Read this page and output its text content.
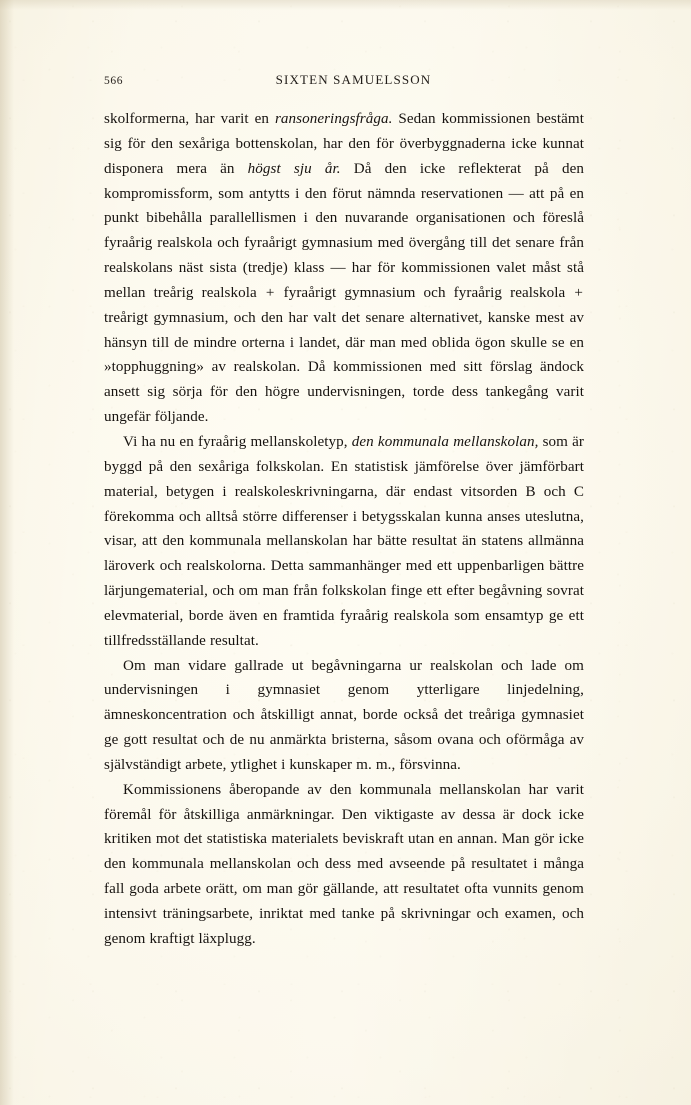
566	SIXTEN SAMUELSSON

skolformerna, har varit en ransoneringsfråga. Sedan kommissionen bestämt sig för den sexåriga bottenskolan, har den för överbyggnaderna icke kunnat disponera mera än högst sju år. Då den icke reflekterat på den kompromissform, som antytts i den förut nämnda reservationen — att på en punkt bibehålla parallellismen i den nuvarande organisationen och föreslå fyraårig realskola och fyraårigt gymnasium med övergång till det senare från realskolans näst sista (tredje) klass — har för kommissionen valet måst stå mellan treårig realskola + fyraårigt gymnasium och fyraårig realskola + treårigt gymnasium, och den har valt det senare alternativet, kanske mest av hänsyn till de mindre orterna i landet, där man med oblida ögon skulle se en »topphuggning» av realskolan. Då kommissionen med sitt förslag ändock ansett sig sörja för den högre undervisningen, torde dess tankegång varit ungefär följande.

Vi ha nu en fyraårig mellanskoletyp, den kommunala mellanskolan, som är byggd på den sexåriga folkskolan. En statistisk jämförelse över jämförbart material, betygen i realskoleskrivningarna, där endast vitsorden B och C förekomma och alltså större differenser i betygsskalan kunna anses uteslutna, visar, att den kommunala mellanskolan har bätte resultat än statens allmänna läroverk och realskolorna. Detta sammanhänger med ett uppenbarligen bättre lärjungematerial, och om man från folkskolan finge ett efter begåvning sovrat elevmaterial, borde även en framtida fyraårig realskola som ensamtyp ge ett tillfredsställande resultat.

Om man vidare gallrade ut begåvningarna ur realskolan och lade om undervisningen i gymnasiet genom ytterligare linjedelning, ämneskoncentration och åtskilligt annat, borde också det treåriga gymnasiet ge gott resultat och de nu anmärkta bristerna, såsom ovana och oförmåga av självständigt arbete, ytlighet i kunskaper m. m., försvinna.

Kommissionens åberopande av den kommunala mellanskolan har varit föremål för åtskilliga anmärkningar. Den viktigaste av dessa är dock icke kritiken mot det statistiska materialets beviskraft utan en annan. Man gör icke den kommunala mellanskolan och dess med avseende på resultatet i många fall goda arbete orätt, om man gör gällande, att resultatet ofta vunnits genom intensivt träningsarbete, inriktat med tanke på skrivningar och examen, och genom kraftigt läxplugg.
